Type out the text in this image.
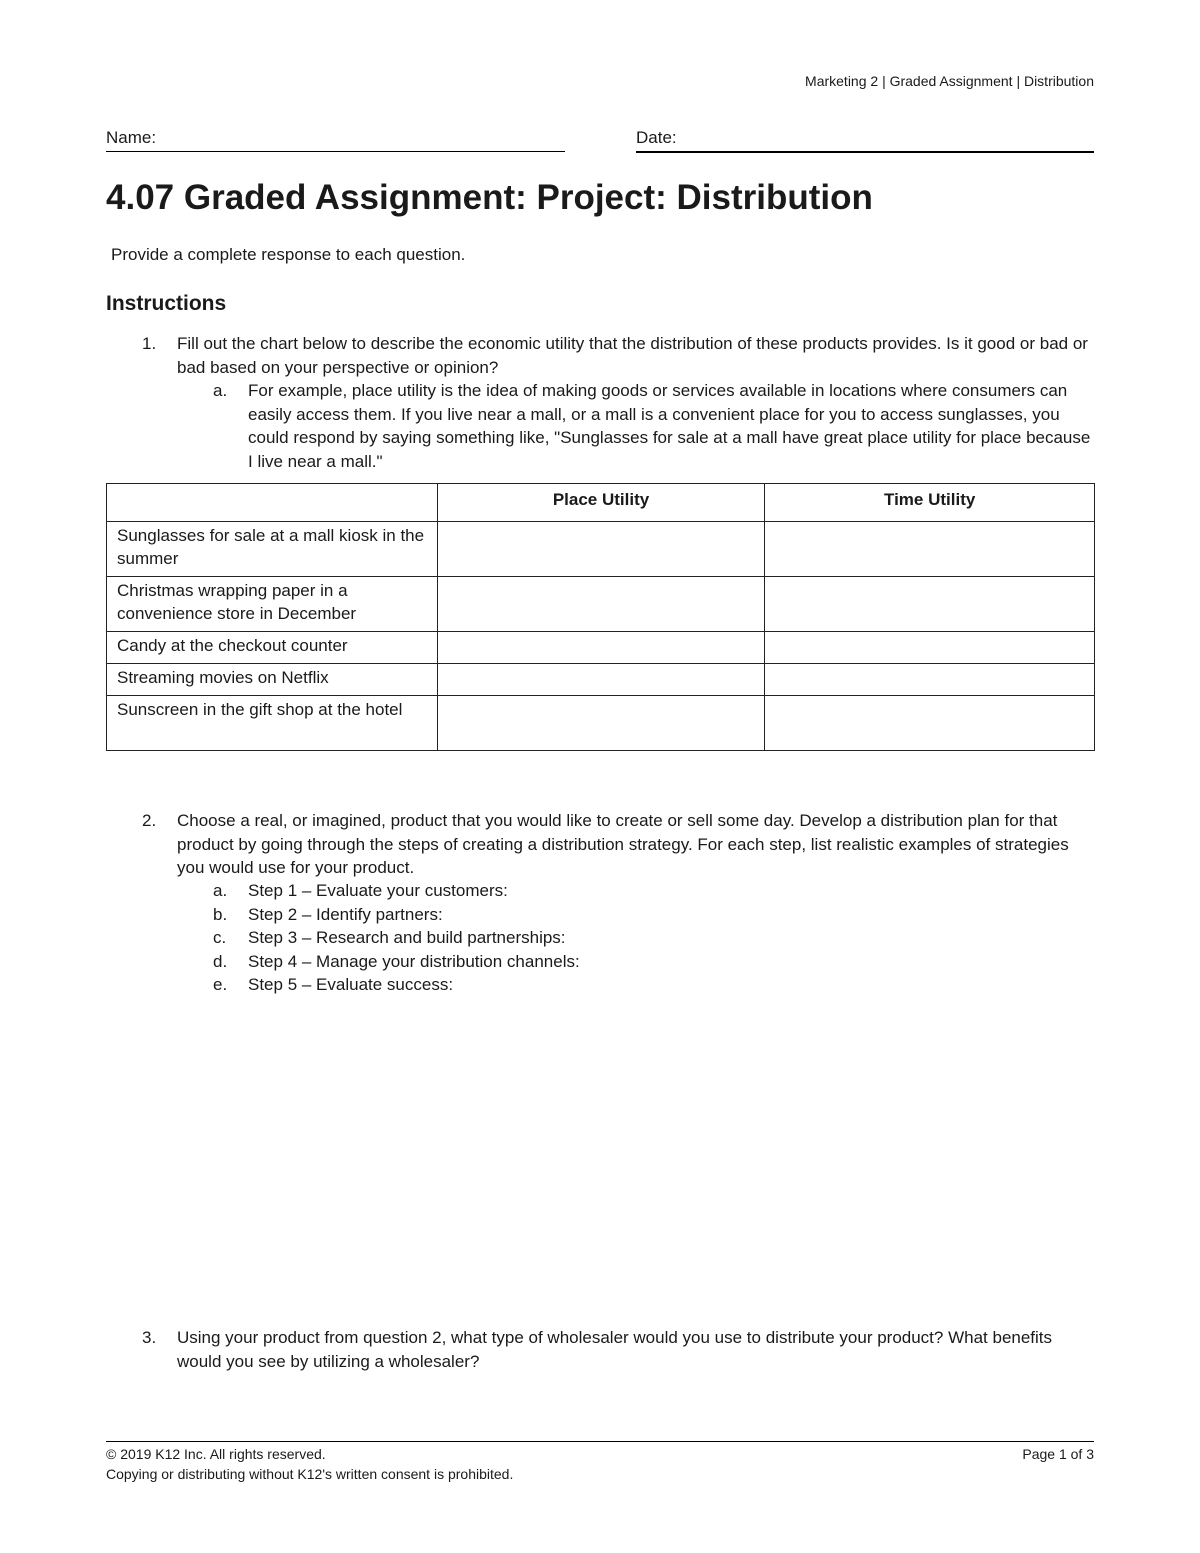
Marketing 2 | Graded Assignment | Distribution
Name:	Date:
4.07 Graded Assignment: Project: Distribution
Provide a complete response to each question.
Instructions
1. Fill out the chart below to describe the economic utility that the distribution of these products provides. Is it good or bad or bad based on your perspective or opinion?
a. For example, place utility is the idea of making goods or services available in locations where consumers can easily access them. If you live near a mall, or a mall is a convenient place for you to access sunglasses, you could respond by saying something like, "Sunglasses for sale at a mall have great place utility for place because I live near a mall."
	Place Utility	Time Utility
Sunglasses for sale at a mall kiosk in the summer		
Christmas wrapping paper in a convenience store in December		
Candy at the checkout counter		
Streaming movies on Netflix		
Sunscreen in the gift shop at the hotel		
2. Choose a real, or imagined, product that you would like to create or sell some day. Develop a distribution plan for that product by going through the steps of creating a distribution strategy. For each step, list realistic examples of strategies you would use for your product.
a. Step 1 – Evaluate your customers:
b. Step 2 – Identify partners:
c. Step 3 – Research and build partnerships:
d. Step 4 – Manage your distribution channels:
e. Step 5 – Evaluate success:
3. Using your product from question 2, what type of wholesaler would you use to distribute your product? What benefits would you see by utilizing a wholesaler?
© 2019 K12 Inc. All rights reserved.
Copying or distributing without K12's written consent is prohibited.
Page 1 of 3
